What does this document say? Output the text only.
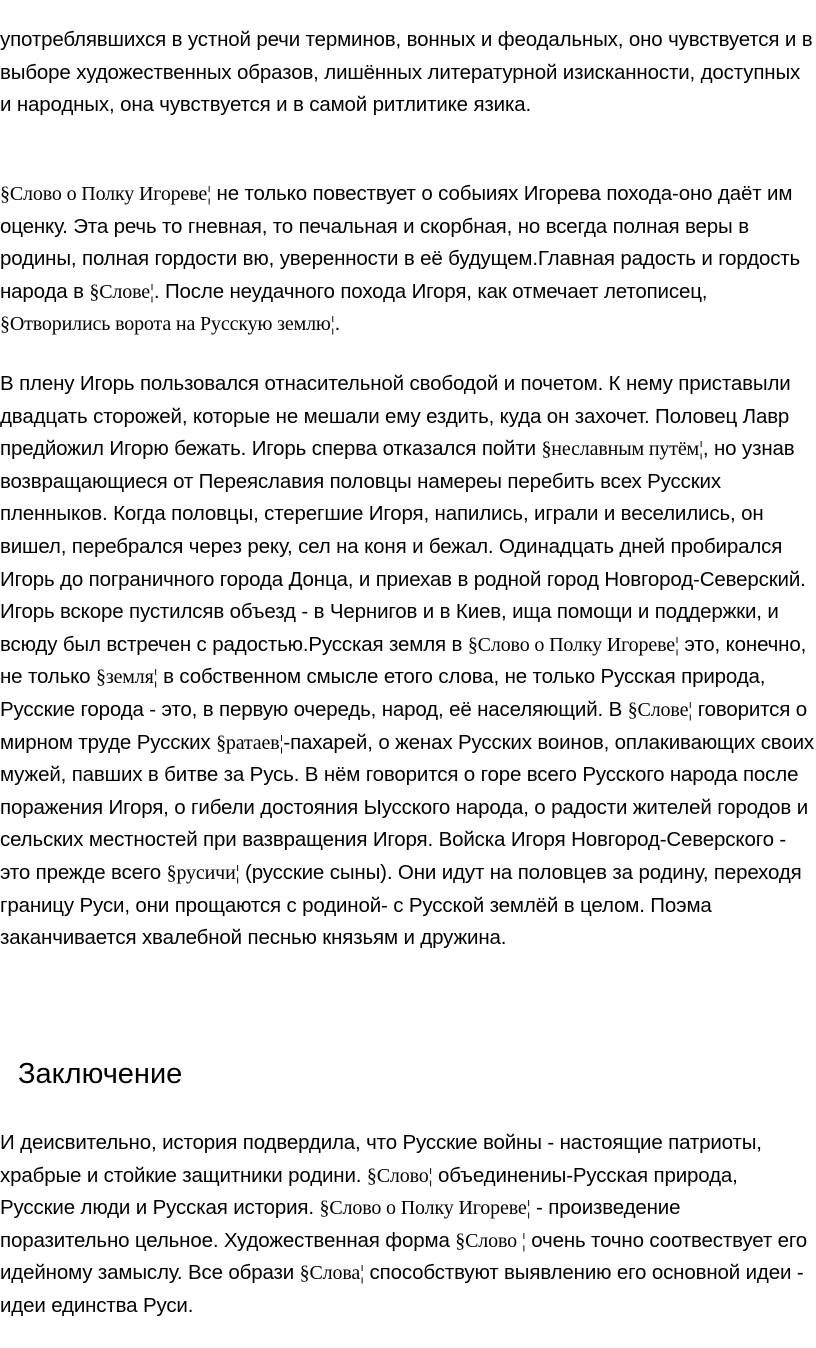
употреблявшихся в устной речи терминов, вонных и феодальных, оно чувствуется и в выборе художественных образов, лишённых литературной изисканности, доступных и народных, она чувствуется и в самой ритлитике язика.

§Слово о Полку Игореве¦ не только повествует о собыиях Игорева похода-оно даёт им оценку. Эта речь то гневная, то печальная и скорбная, но всегда полная веры в родины, полная гордости вю, уверенности в её будущем.Главная радость и гордость народа в §Слове¦. После неудачного похода Игоря, как отмечает летописец, §Отворились ворота на Русскую землю¦.

В плену Игорь пользовался отнасительной свободой и почетом. К нему приставыли двадцать сторожей, которые не мешали ему ездить, куда он захочет. Половец Лавр предйожил Игорю бежать. Игорь сперва отказался пойти §неславным путём¦, но узнав возвращающиеся от Переяславия половцы намереы перебить всех Русских пленныков. Когда половцы, стерегшие Игоря, напились, играли и веселились, он вишел, перебрался через реку, сел на коня и бежал. Одинадцать дней пробирался Игорь до пограничного города Донца, и приехав в родной город Новгород-Северский. Игорь вскоре пустилсяв объезд - в Чернигов и в Киев, ища помощи и поддержки, и всюду был встречен с радостью.Русская земля в §Слово о Полку Игореве¦ это, конечно, не только §земля¦ в собственном смысле етого слова, не только Русская природа, Русские города - это, в первую очередь, народ, её населяющий. В §Слове¦ говорится о мирном труде Русских §ратаев¦-пахарей, о женах Русских воинов, оплакивающих своих мужей, павших в битве за Русь. В нём говорится о горе всего Русского народа после поражения Игоря, о гибели достояния Ыусского народа, о радости жителей городов и сельских местностей при вазвращения Игоря. Войска Игоря Новгород-Северского - это прежде всего §русичи¦ (русские сыны). Они идут на половцев за родину, переходя границу Руси, они прощаются с родиной- с Русской землёй в целом. Поэма заканчивается хвалебной песнью князьям и дружина.

Заключение

И деисвительно, история подвердила, что Русские войны - настоящие патриоты, храбрые и стойкие защитники родини. §Слово¦ объединениы-Русская природа, Русские люди и Русская история. §Слово о Полку Игореве¦ - произведение поразительно цельное. Художественная форма §Слово ¦ очень точно соотвествует его идейному замыслу. Все образи §Слова¦ способствуют выявлению его основной идеи - идеи единства Руси.
